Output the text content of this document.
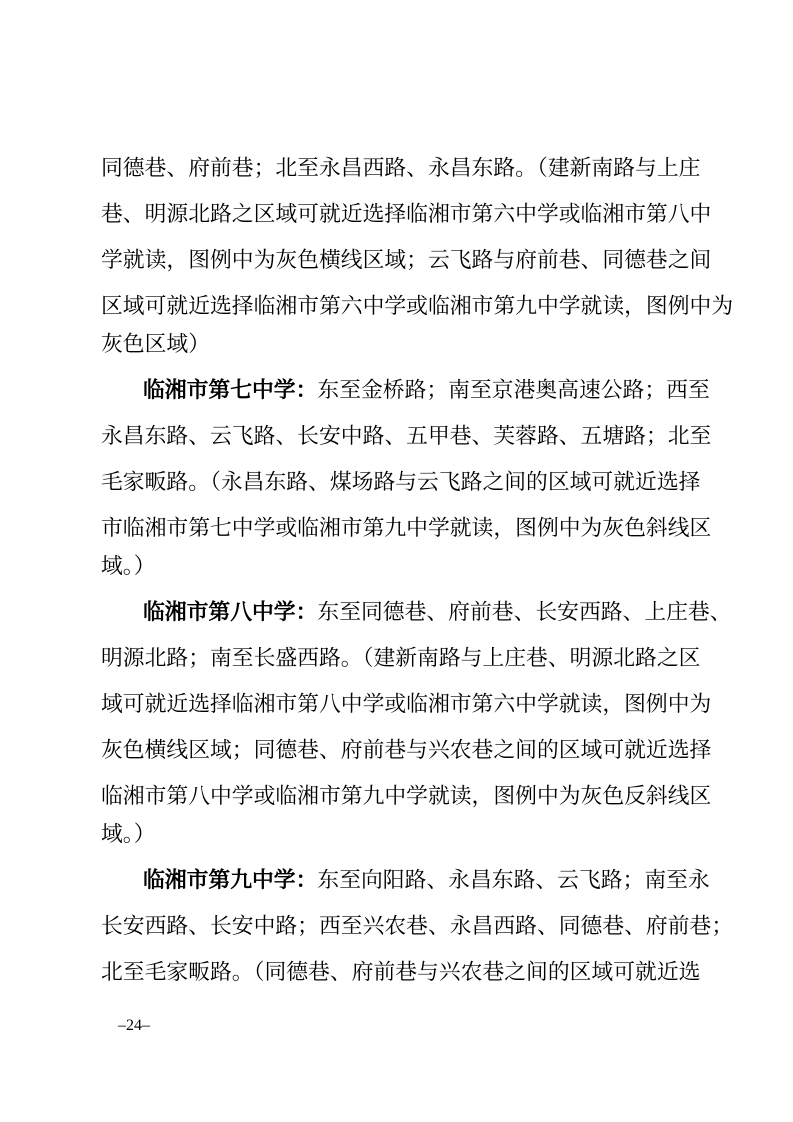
同德巷、府前巷；北至永昌西路、永昌东路。（建新南路与上庄
巷、明源北路之区域可就近选择临湘市第六中学或临湘市第八中
学就读，图例中为灰色横线区域；云飞路与府前巷、同德巷之间
区域可就近选择临湘市第六中学或临湘市第九中学就读，图例中为
灰色区域）
临湘市第七中学：东至金桥路；南至京港奥高速公路；西至
永昌东路、云飞路、长安中路、五甲巷、芙蓉路、五塘路；北至
毛家畈路。（永昌东路、煤场路与云飞路之间的区域可就近选择
市临湘市第七中学或临湘市第九中学就读，图例中为灰色斜线区
域。）
临湘市第八中学：东至同德巷、府前巷、长安西路、上庄巷、
明源北路；南至长盛西路。（建新南路与上庄巷、明源北路之区
域可就近选择临湘市第八中学或临湘市第六中学就读，图例中为
灰色横线区域；同德巷、府前巷与兴农巷之间的区域可就近选择
临湘市第八中学或临湘市第九中学就读，图例中为灰色反斜线区
域。）
临湘市第九中学：东至向阳路、永昌东路、云飞路；南至永
长安西路、长安中路；西至兴农巷、永昌西路、同德巷、府前巷；
北至毛家畈路。（同德巷、府前巷与兴农巷之间的区域可就近选
–24–
